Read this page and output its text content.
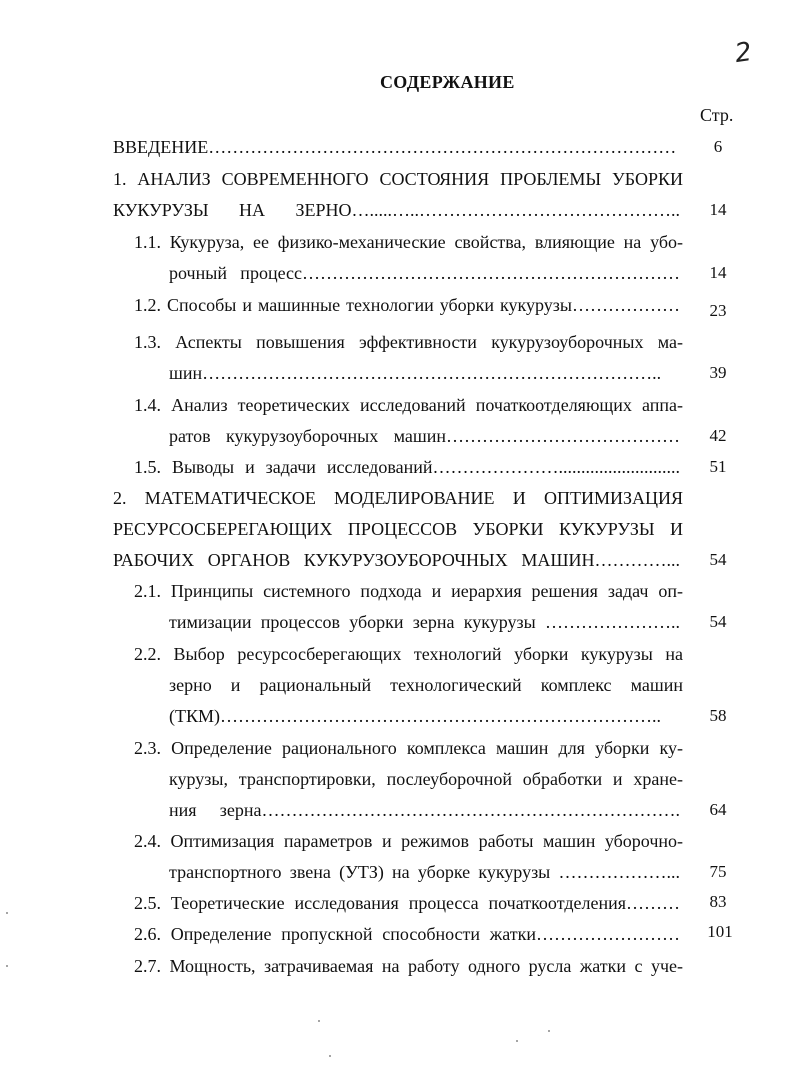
2
СОДЕРЖАНИЕ
Стр.
ВВЕДЕНИЕ……………………………………………………………………	6
1. АНАЛИЗ СОВРЕМЕННОГО СОСТОЯНИЯ ПРОБЛЕМЫ УБОРКИ
КУКУРУЗЫ НА ЗЕРНО….....…..……………………………………..	14
1.1. Кукуруза, ее физико-механические свойства, влияющие на убо-
рочный процесс………………………………………………………	14
1.2. Способы и машинные технологии уборки кукурузы………………	23
1.3. Аспекты повышения эффективности кукурузоуборочных ма-
шин…………………………………………………………………..	39
1.4. Анализ теоретических исследований початкоотделяющих аппа-
ратов кукурузоуборочных машин…………………………………	42
1.5. Выводы и задачи исследований…………………...........................	51
2. МАТЕМАТИЧЕСКОЕ МОДЕЛИРОВАНИЕ И ОПТИМИЗАЦИЯ
РЕСУРСОСБЕРЕГАЮЩИХ ПРОЦЕССОВ УБОРКИ КУКУРУЗЫ И
РАБОЧИХ ОРГАНОВ КУКУРУЗОУБОРОЧНЫХ МАШИН…………...	54
2.1. Принципы системного подхода и иерархия решения задач оп-
тимизации процессов уборки зерна кукурузы …………………..	54
2.2. Выбор ресурсосберегающих технологий уборки кукурузы на
зерно и рациональный технологический комплекс машин
(ТКМ)………………………………………………………………..	58
2.3. Определение рационального комплекса машин для уборки ку-
курузы, транспортировки, послеуборочной обработки и хране-
ния зерна…………………………………………………………….	64
2.4. Оптимизация параметров и режимов работы машин уборочно-
транспортного звена (УТЗ) на уборке кукурузы ………………...	75
2.5. Теоретические исследования процесса початкоотделения………	83
2.6. Определение пропускной способности жатки……………………	101
2.7. Мощность, затрачиваемая на работу одного русла жатки с уче-
